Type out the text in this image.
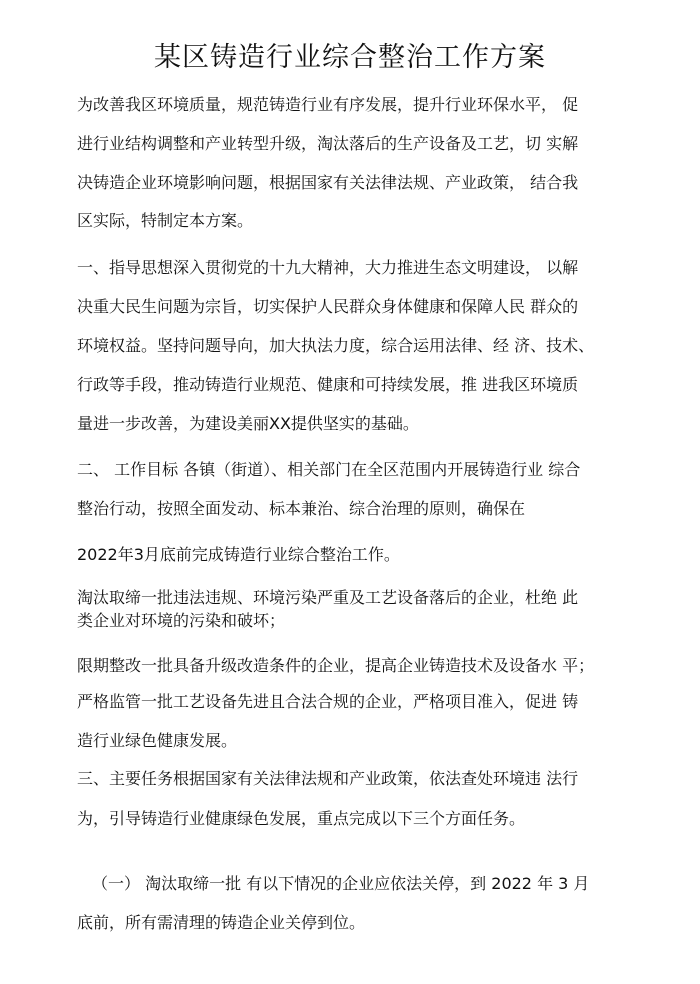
某区铸造行业综合整治工作方案
为改善我区环境质量，规范铸造行业有序发展，提升行业环保水平， 促
进行业结构调整和产业转型升级，淘汰落后的生产设备及工艺，切 实解
决铸造企业环境影响问题，根据国家有关法律法规、产业政策， 结合我
区实际，特制定本方案。
一、指导思想深入贯彻党的十九大精神，大力推进生态文明建设， 以解
决重大民生问题为宗旨，切实保护人民群众身体健康和保障人民 群众的
环境权益。坚持问题导向，加大执法力度，综合运用法律、经 济、技术、
行政等手段，推动铸造行业规范、健康和可持续发展，推 进我区环境质
量进一步改善，为建设美丽XX提供坚实的基础。
二、 工作目标 各镇（街道）、相关部门在全区范围内开展铸造行业 综合
整治行动，按照全面发动、标本兼治、综合治理的原则，确保在
2022年3月底前完成铸造行业综合整治工作。
淘汰取缔一批违法违规、环境污染严重及工艺设备落后的企业，杜绝 此
类企业对环境的污染和破坏；
限期整改一批具备升级改造条件的企业，提高企业铸造技术及设备水 平；
严格监管一批工艺设备先进且合法合规的企业，严格项目准入，促进 铸
造行业绿色健康发展。
三、主要任务根据国家有关法律法规和产业政策，依法查处环境违 法行
为，引导铸造行业健康绿色发展，重点完成以下三个方面任务。
（一） 淘汰取缔一批 有以下情况的企业应依法关停，到 2022 年 3 月
底前，所有需清理的铸造企业关停到位。
